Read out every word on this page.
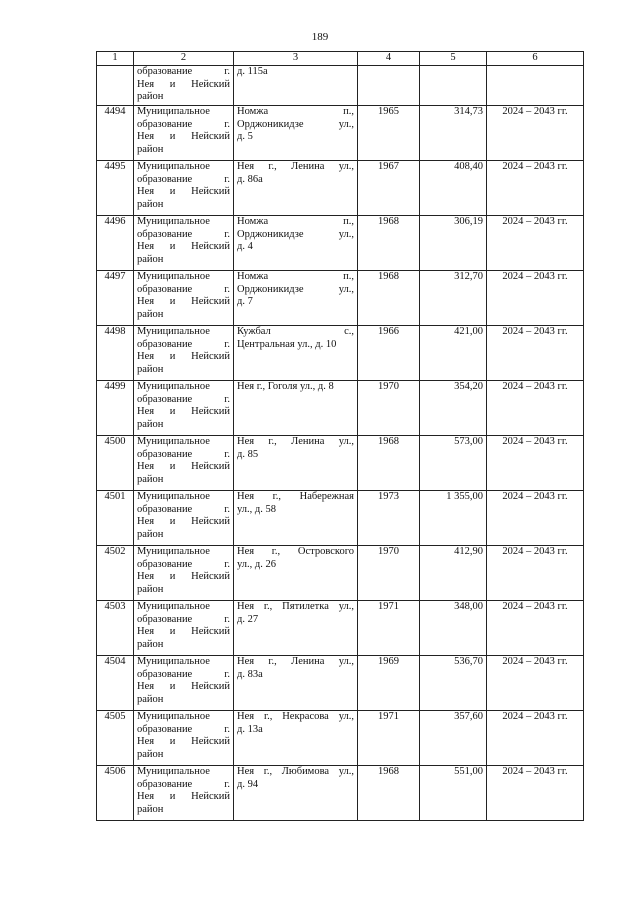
189
1	2	3	4	5	6

	образование г.
Нея и Нейский
район	д. 115а			

4494	Муниципальное
образование г.
Нея и Нейский
район	Номжа п.,
Орджоникидзе ул.,
д. 5	1965	314,73	2024 – 2043 гг.
4495	Муниципальное
образование г.
Нея и Нейский
район	Нея г., Ленина ул.,
д. 86а	1967	408,40	2024 – 2043 гг.
4496	Муниципальное
образование г.
Нея и Нейский
район	Номжа п.,
Орджоникидзе ул.,
д. 4	1968	306,19	2024 – 2043 гг.
4497	Муниципальное
образование г.
Нея и Нейский
район	Номжа п.,
Орджоникидзе ул.,
д. 7	1968	312,70	2024 – 2043 гг.
4498	Муниципальное
образование г.
Нея и Нейский
район	Кужбал с.,
Центральная ул., д. 10	1966	421,00	2024 – 2043 гг.
4499	Муниципальное
образование г.
Нея и Нейский
район	Нея г., Гоголя ул., д. 8	1970	354,20	2024 – 2043 гг.
4500	Муниципальное
образование г.
Нея и Нейский
район	Нея г., Ленина ул.,
д. 85	1968	573,00	2024 – 2043 гг.
4501	Муниципальное
образование г.
Нея и Нейский
район	Нея г., Набережная
ул., д. 58	1973	1 355,00	2024 – 2043 гг.
4502	Муниципальное
образование г.
Нея и Нейский
район	Нея г., Островского
ул., д. 26	1970	412,90	2024 – 2043 гг.
4503	Муниципальное
образование г.
Нея и Нейский
район	Нея г., Пятилетка ул.,
д. 27	1971	348,00	2024 – 2043 гг.
4504	Муниципальное
образование г.
Нея и Нейский
район	Нея г., Ленина ул.,
д. 83а	1969	536,70	2024 – 2043 гг.
4505	Муниципальное
образование г.
Нея и Нейский
район	Нея г., Некрасова ул.,
д. 13а	1971	357,60	2024 – 2043 гг.
4506	Муниципальное
образование г.
Нея и Нейский
район	Нея г., Любимова ул.,
д. 94	1968	551,00	2024 – 2043 гг.
